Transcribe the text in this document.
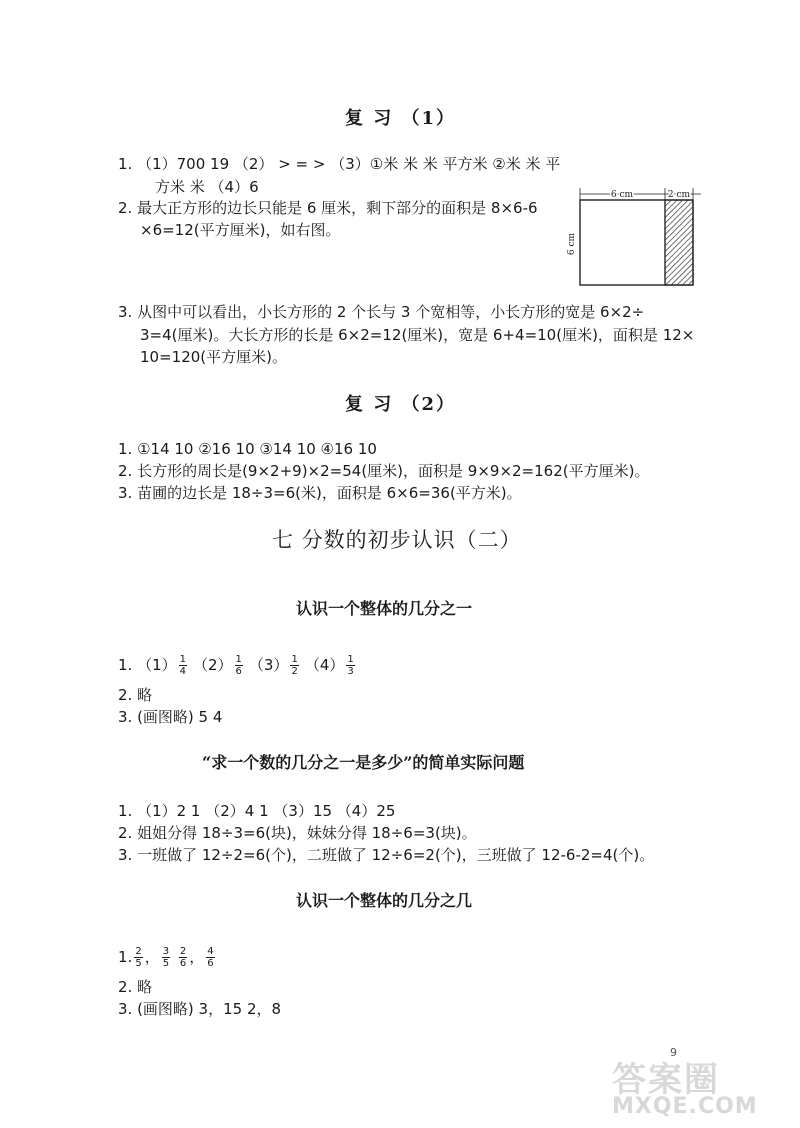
复 习 （1）
1. （1）700 19 （2） > = > （3）①米 米 米 平方米 ②米 米 平
方米 米 （4）6
2. 最大正方形的边长只能是 6 厘米，剩下部分的面积是 8×6-6
×6=12(平方厘米)，如右图。
6 cm	2 cm
6 cm
3. 从图中可以看出，小长方形的 2 个长与 3 个宽相等，小长方形的宽是 6×2÷
3=4(厘米)。大长方形的长是 6×2=12(厘米)，宽是 6+4=10(厘米)，面积是 12×
10=120(平方厘米)。
复 习 （2）
1. ①14 10 ②16 10 ③14 10 ④16 10
2. 长方形的周长是(9×2+9)×2=54(厘米)，面积是 9×9×2=162(平方厘米)。
3. 苗圃的边长是 18÷3=6(米)，面积是 6×6=36(平方米)。
七 分数的初步认识（二）
认识一个整体的几分之一
1. $(1) \frac{1}{4} (2) \frac{1}{6} (3) \frac{1}{2} (4) \frac{1}{3}$
2. 略
3. (画图略) 5 4
“求一个数的几分之一是多少”的简单实际问题
1. （1）2 1 （2）4 1 （3）15 （4）25
2. 姐姐分得 18÷3=6(块)，妹妹分得 18÷6=3(块)。
3. 一班做了 12÷2=6(个)，二班做了 12÷6=2(个)，三班做了 12-6-2=4(个)。
认识一个整体的几分之几
1. $\frac{2}{5}$ ， $\frac{3}{5}$
$\frac{2}{6}$ ， $\frac{4}{6}$
2. 略
3. (画图略) 3，15 2，8
9
答案圈
MXQE.COM
